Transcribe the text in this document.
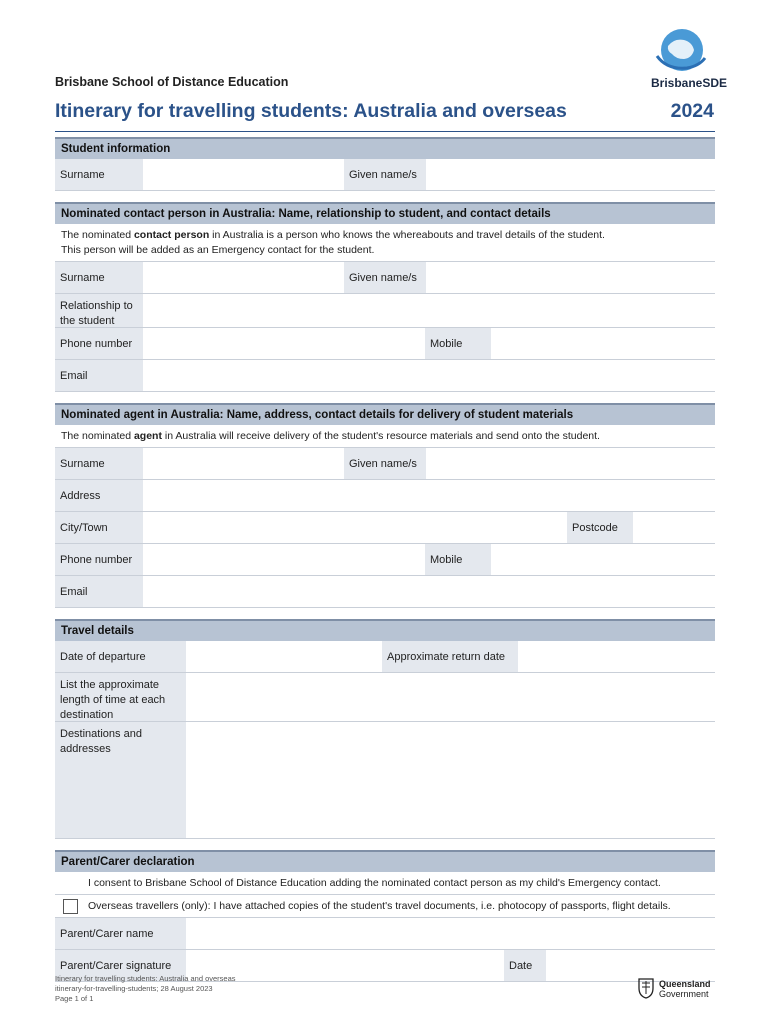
Brisbane School of Distance Education	BrisbaneSDE
Itinerary for travelling students: Australia and overseas	2024
Student information
Surname	Given name/s
Nominated contact person in Australia: Name, relationship to student, and contact details
The nominated contact person in Australia is a person who knows the whereabouts and travel details of the student.
This person will be added as an Emergency contact for the student.
Surname	Given name/s
Relationship to the student
Phone number	Mobile
Email
Nominated agent in Australia: Name, address, contact details for delivery of student materials
The nominated agent in Australia will receive delivery of the student's resource materials and send onto the student.
Surname	Given name/s
Address
City/Town	Postcode
Phone number	Mobile
Email
Travel details
Date of departure	Approximate return date
List the approximate length of time at each destination
Destinations and addresses
Parent/Carer declaration
I consent to Brisbane School of Distance Education adding the nominated contact person as my child's Emergency contact.
Overseas travellers (only): I have attached copies of the student's travel documents, i.e. photocopy of passports, flight details.
Parent/Carer name
Parent/Carer signature	Date
Itinerary for travelling students: Australia and overseas
itinerary-for-travelling-students; 28 August 2023
Page 1 of 1
Queensland
Government
